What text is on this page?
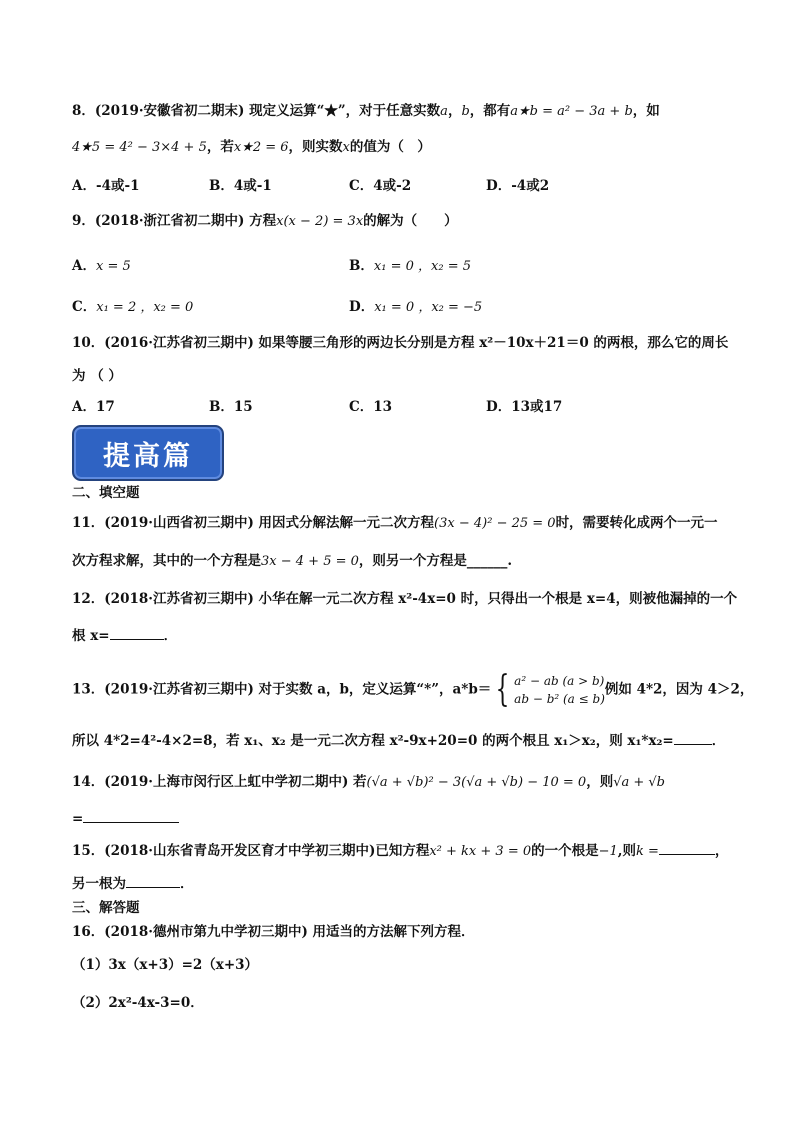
8．(2019·安徽省初二期末) 现定义运算“★”，对于任意实数a，b，都有a★b = a² − 3a + b，如
4★5 = 4² − 3×4 + 5，若x★2 = 6，则实数x的值为（　）
A．-4或-1	B．4或-1	C．4或-2	D．-4或2
9．(2018·浙江省初二期中) 方程x(x − 2) = 3x的解为（　　）
A．x = 5	B．x₁ = 0 ，x₂ = 5
C．x₁ = 2 ，x₂ = 0	D．x₁ = 0 ，x₂ = −5
10．(2016·江苏省初三期中) 如果等腰三角形的两边长分别是方程 x²－10x＋21＝0 的两根，那么它的周长
为 （ ）
A．17	B．15	C．13	D．13或17
提高篇
二、填空题
11．(2019·山西省初三期中) 用因式分解法解一元二次方程(3x − 4)² − 25 = 0时，需要转化成两个一元一
次方程求解，其中的一个方程是3x − 4 + 5 = 0，则另一个方程是______.
12．(2018·江苏省初三期中) 小华在解一元二次方程 x²-4x=0 时，只得出一个根是 x=4，则被他漏掉的一个
根 x=	．
13．(2019·江苏省初三期中) 对于实数 a，b，定义运算“*”，a*b＝ { a² − ab (a > b)
ab − b² (a ≤ b)例如 4*2，因为 4＞2，
所以 4*2=4²-4×2=8，若 x₁、x₂ 是一元二次方程 x²-9x+20=0 的两个根且 x₁＞x₂，则 x₁*x₂=	．
14．(2019·上海市闵行区上虹中学初二期中) 若(√a + √b)² − 3(√a + √b) − 10 = 0，则√a + √b
=
15．(2018·山东省青岛开发区育才中学初三期中)已知方程x² + kx + 3 = 0的一个根是−1,则k =	，
另一根为	．
三、解答题
16．(2018·德州市第九中学初三期中) 用适当的方法解下列方程．
（1）3x（x+3）=2（x+3）
（2）2x²-4x-3=0．
